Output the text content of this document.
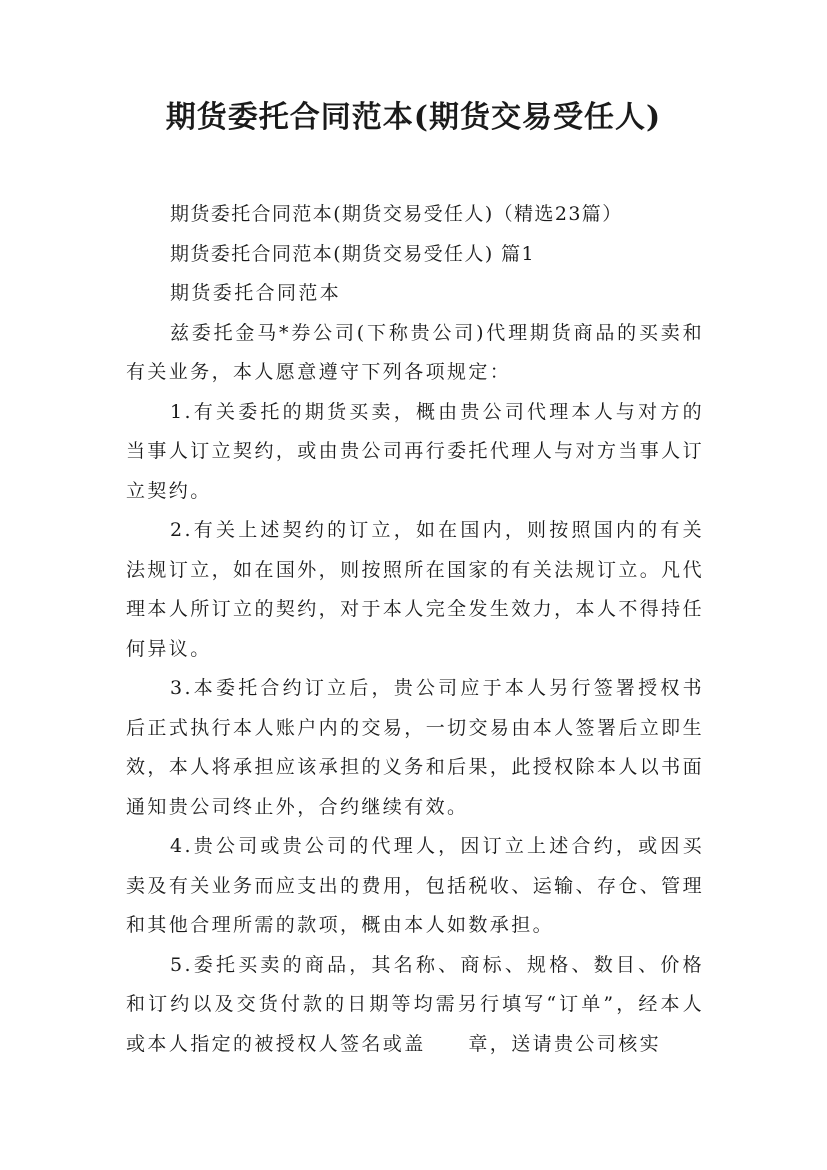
期货委托合同范本(期货交易受任人)

期货委托合同范本(期货交易受任人)（精选23篇）

期货委托合同范本(期货交易受任人) 篇1

期货委托合同范本

兹委托金马*券公司(下称贵公司)代理期货商品的买卖和有关业务，本人愿意遵守下列各项规定：

1.有关委托的期货买卖，概由贵公司代理本人与对方的当事人订立契约，或由贵公司再行委托代理人与对方当事人订立契约。

2.有关上述契约的订立，如在国内，则按照国内的有关法规订立，如在国外，则按照所在国家的有关法规订立。凡代理本人所订立的契约，对于本人完全发生效力，本人不得持任何异议。

3.本委托合约订立后，贵公司应于本人另行签署授权书后正式执行本人账户内的交易，一切交易由本人签署后立即生效，本人将承担应该承担的义务和后果，此授权除本人以书面通知贵公司终止外，合约继续有效。

4.贵公司或贵公司的代理人，因订立上述合约，或因买卖及有关业务而应支出的费用，包括税收、运输、存仓、管理和其他合理所需的款项，概由本人如数承担。

5.委托买卖的商品，其名称、商标、规格、数目、价格和订约以及交货付款的日期等均需另行填写“订单”，经本人或本人指定的被授权人签名或盖　　章，送请贵公司核实
